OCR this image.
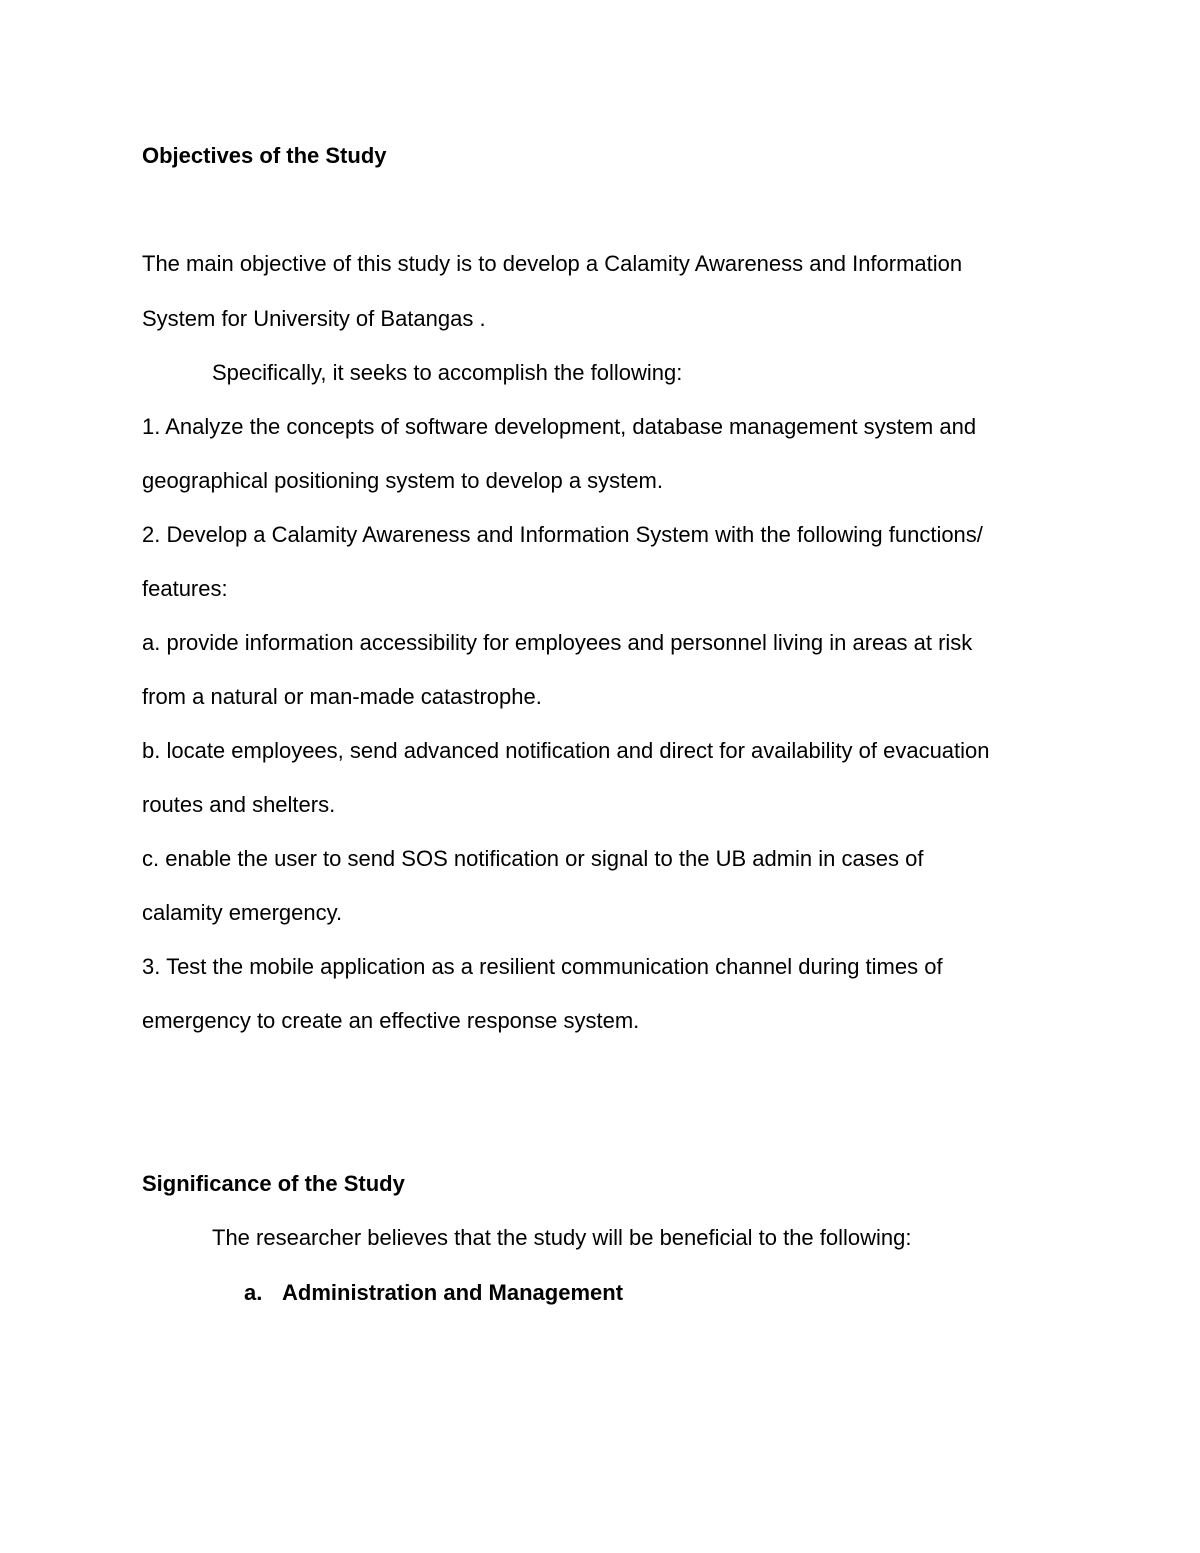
Objectives of the Study
The main objective of this study is to develop a Calamity Awareness and Information
System for University of Batangas .
Specifically, it seeks to accomplish the following:
1. Analyze the concepts of software development, database management system and
geographical positioning system to develop a system.
2. Develop a Calamity Awareness and Information System with the following functions/
features:
a. provide information accessibility for employees and personnel living in areas at risk
from a natural or man-made catastrophe.
b. locate employees, send advanced notification and direct for availability of evacuation
routes and shelters.
c. enable the user to send SOS notification or signal to the UB admin in cases of
calamity emergency.
3. Test the mobile application as a resilient communication channel during times of
emergency to create an effective response system.
Significance of the Study
The researcher believes that the study will be beneficial to the following:
a. Administration and Management
